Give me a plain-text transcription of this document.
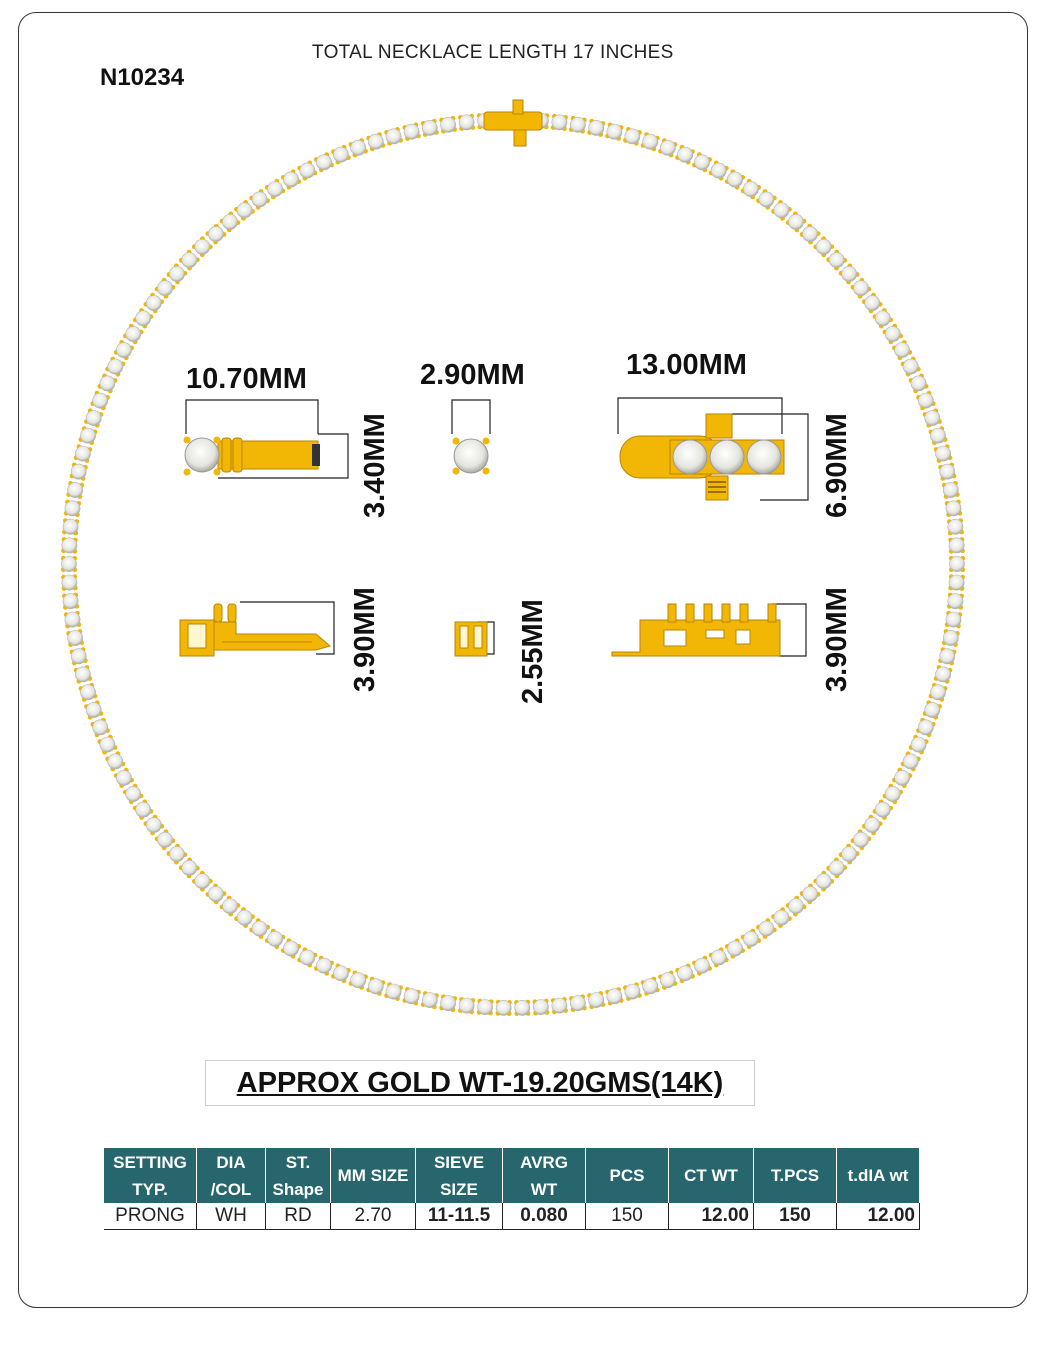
N10234
TOTAL NECKLACE LENGTH 17 INCHES
10.70MM
3.40MM
2.90MM	13.00MM
6.90MM
3.90MM	2.55MM	3.90MM
APPROX GOLD WT-19.20GMS(14K)
SETTING TYP.	DIA /COL	ST. Shape	MM SIZE	SIEVE SIZE	AVRG WT	PCS	CT WT	T.PCS	t.dIA wt
PRONG	WH	RD	2.70	11-11.5	0.080	150	12.00	150	12.00
